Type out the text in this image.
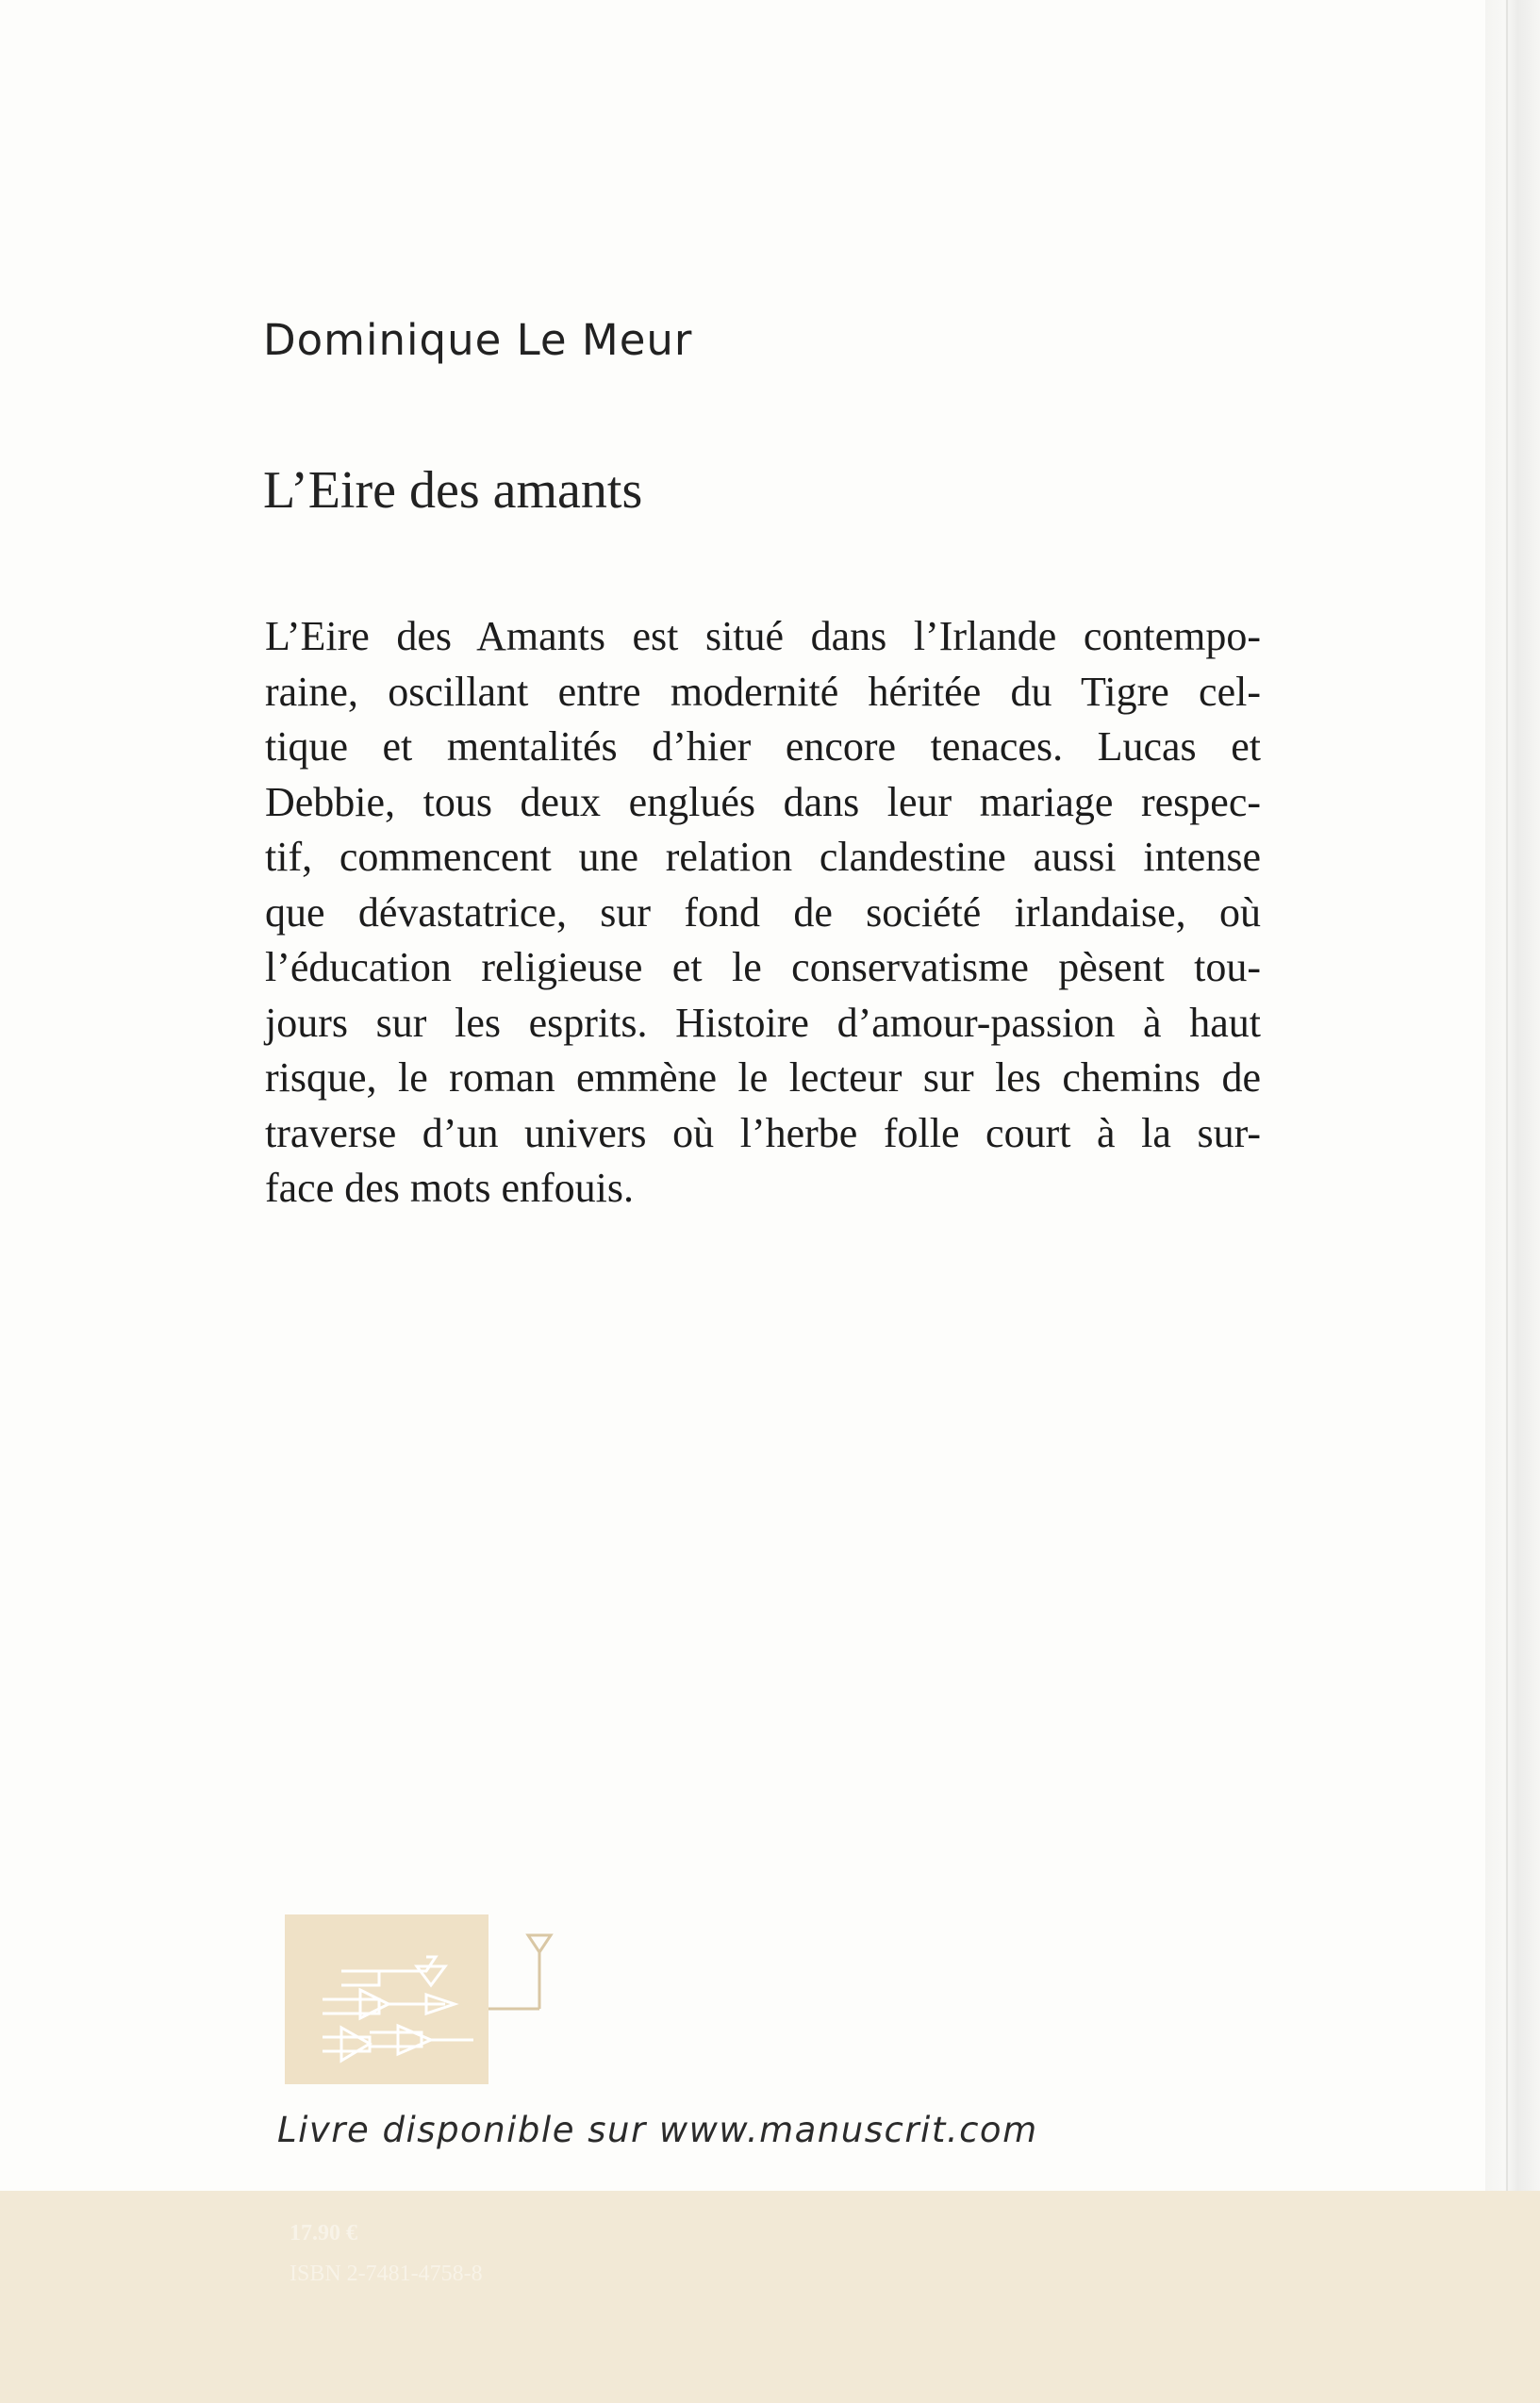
Dominique Le Meur
L’Eire des amants
L’Eire des Amants est situé dans l’Irlande contempo-
raine, oscillant entre modernité héritée du Tigre cel-
tique et mentalités d’hier encore tenaces. Lucas et
Debbie, tous deux englués dans leur mariage respec-
tif, commencent une relation clandestine aussi intense
que dévastatrice, sur fond de société irlandaise, où
l’éducation religieuse et le conservatisme pèsent tou-
jours sur les esprits. Histoire d’amour-passion à haut
risque, le roman emmène le lecteur sur les chemins de
traverse d’un univers où l’herbe folle court à la sur-
face des mots enfouis.
Livre disponible sur www.manuscrit.com
17.90 €
ISBN 2-7481-4758-8
